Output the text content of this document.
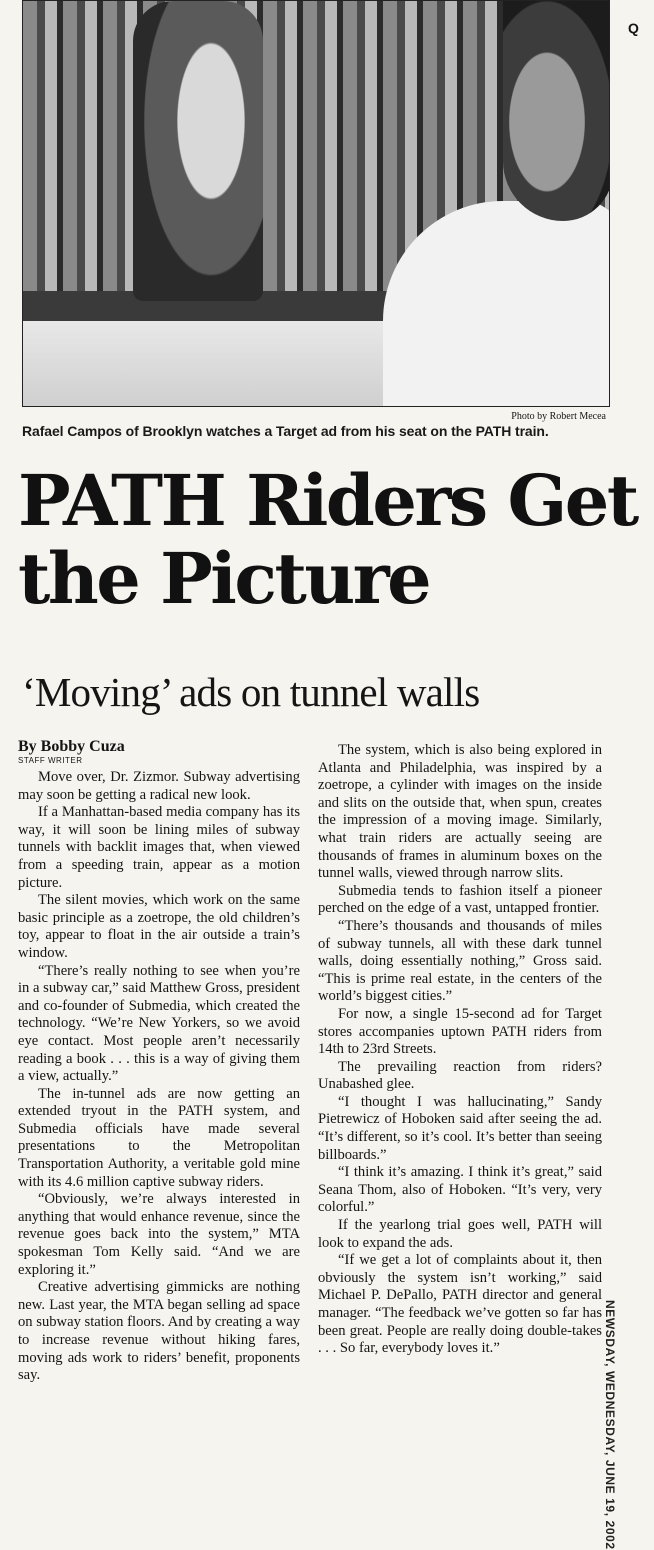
Q
Photo by Robert Mecea
Rafael Campos of Brooklyn watches a Target ad from his seat on the PATH train.
PATH Riders Get the Picture
‘Moving’ ads on tunnel walls
By Bobby Cuza
STAFF WRITER

Move over, Dr. Zizmor. Subway advertising may soon be getting a radical new look.

If a Manhattan-based media company has its way, it will soon be lining miles of subway tunnels with backlit images that, when viewed from a speeding train, appear as a motion picture.

The silent movies, which work on the same basic principle as a zoetrope, the old children’s toy, appear to float in the air outside a train’s window.

“There’s really nothing to see when you’re in a subway car,” said Matthew Gross, president and co-founder of Submedia, which created the technology. “We’re New Yorkers, so we avoid eye contact. Most people aren’t necessarily reading a book . . . this is a way of giving them a view, actually.”

The in-tunnel ads are now getting an extended tryout in the PATH system, and Submedia officials have made several presentations to the Metropolitan Transportation Authority, a veritable gold mine with its 4.6 million captive subway riders.

“Obviously, we’re always interested in anything that would enhance revenue, since the revenue goes back into the system,” MTA spokesman Tom Kelly said. “And we are exploring it.”

Creative advertising gimmicks are nothing new. Last year, the MTA began selling ad space on subway station floors. And by creating a way to increase revenue without hiking fares, moving ads work to riders’ benefit, proponents say.

The system, which is also being explored in Atlanta and Philadelphia, was inspired by a zoetrope, a cylinder with images on the inside and slits on the outside that, when spun, creates the impression of a moving image. Similarly, what train riders are actually seeing are thousands of frames in aluminum boxes on the tunnel walls, viewed through narrow slits.

Submedia tends to fashion itself a pioneer perched on the edge of a vast, untapped frontier.

“There’s thousands and thousands of miles of subway tunnels, all with these dark tunnel walls, doing essentially nothing,” Gross said. “This is prime real estate, in the centers of the world’s biggest cities.”

For now, a single 15-second ad for Target stores accompanies uptown PATH riders from 14th to 23rd Streets.

The prevailing reaction from riders? Unabashed glee.

“I thought I was hallucinating,” Sandy Pietrewicz of Hoboken said after seeing the ad. “It’s different, so it’s cool. It’s better than seeing billboards.”

“I think it’s amazing. I think it’s great,” said Seana Thom, also of Hoboken. “It’s very, very colorful.”

If the yearlong trial goes well, PATH will look to expand the ads.

“If we get a lot of complaints about it, then obviously the system isn’t working,” said Michael P. DePallo, PATH director and general manager. “The feedback we’ve gotten so far has been great. People are really doing double-takes . . . So far, everybody loves it.”	NEWSDAY, WEDNESDAY, JUNE 19, 2002
